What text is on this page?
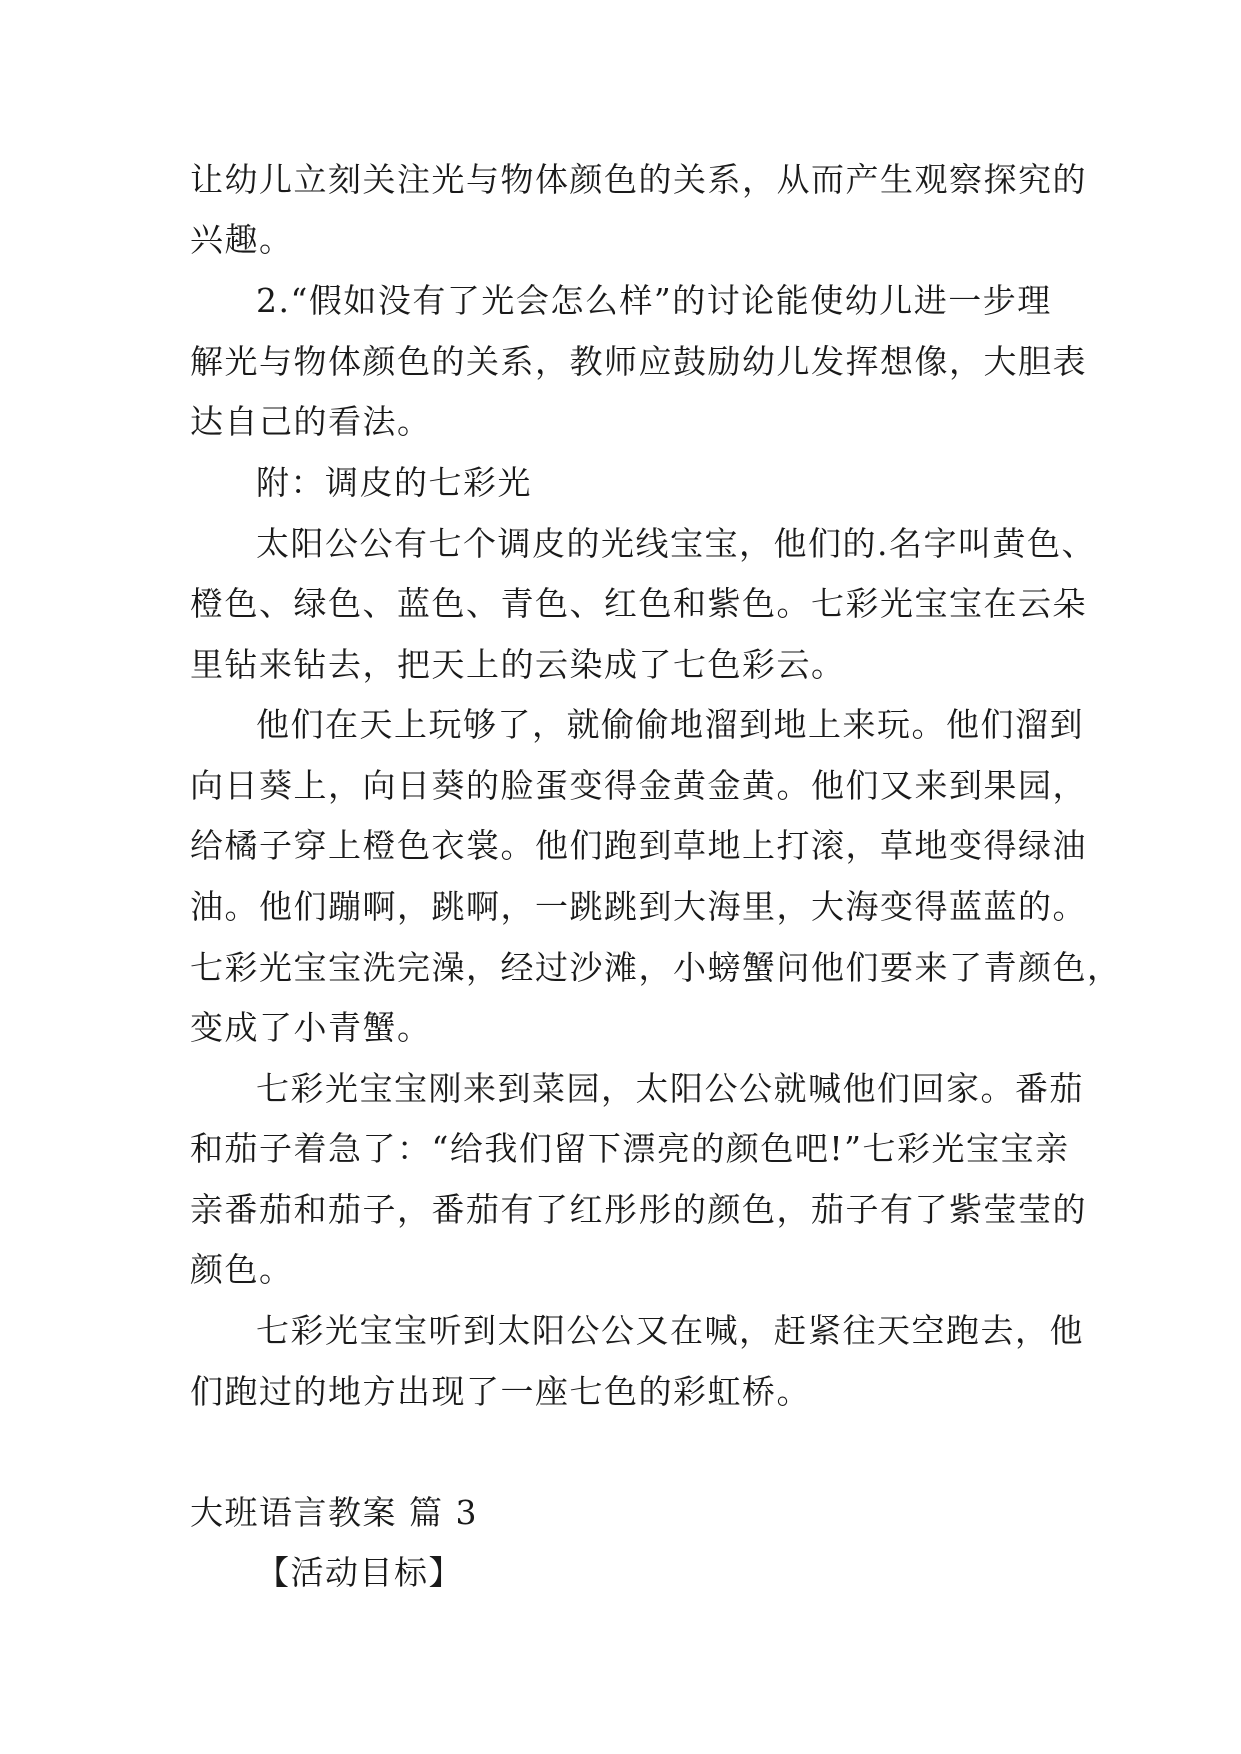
让幼儿立刻关注光与物体颜色的关系，从而产生观察探究的
兴趣。
2.“假如没有了光会怎么样”的讨论能使幼儿进一步理
解光与物体颜色的关系，教师应鼓励幼儿发挥想像，大胆表
达自己的看法。
附：调皮的七彩光
太阳公公有七个调皮的光线宝宝，他们的.名字叫黄色、
橙色、绿色、蓝色、青色、红色和紫色。七彩光宝宝在云朵
里钻来钻去，把天上的云染成了七色彩云。
他们在天上玩够了，就偷偷地溜到地上来玩。他们溜到
向日葵上，向日葵的脸蛋变得金黄金黄。他们又来到果园，
给橘子穿上橙色衣裳。他们跑到草地上打滚，草地变得绿油
油。他们蹦啊，跳啊，一跳跳到大海里，大海变得蓝蓝的。
七彩光宝宝洗完澡，经过沙滩，小螃蟹问他们要来了青颜色，
变成了小青蟹。
七彩光宝宝刚来到菜园，太阳公公就喊他们回家。番茄
和茄子着急了：“给我们留下漂亮的颜色吧!”七彩光宝宝亲
亲番茄和茄子，番茄有了红彤彤的颜色，茄子有了紫莹莹的
颜色。
七彩光宝宝听到太阳公公又在喊，赶紧往天空跑去，他
们跑过的地方出现了一座七色的彩虹桥。
大班语言教案 篇 3
【活动目标】
